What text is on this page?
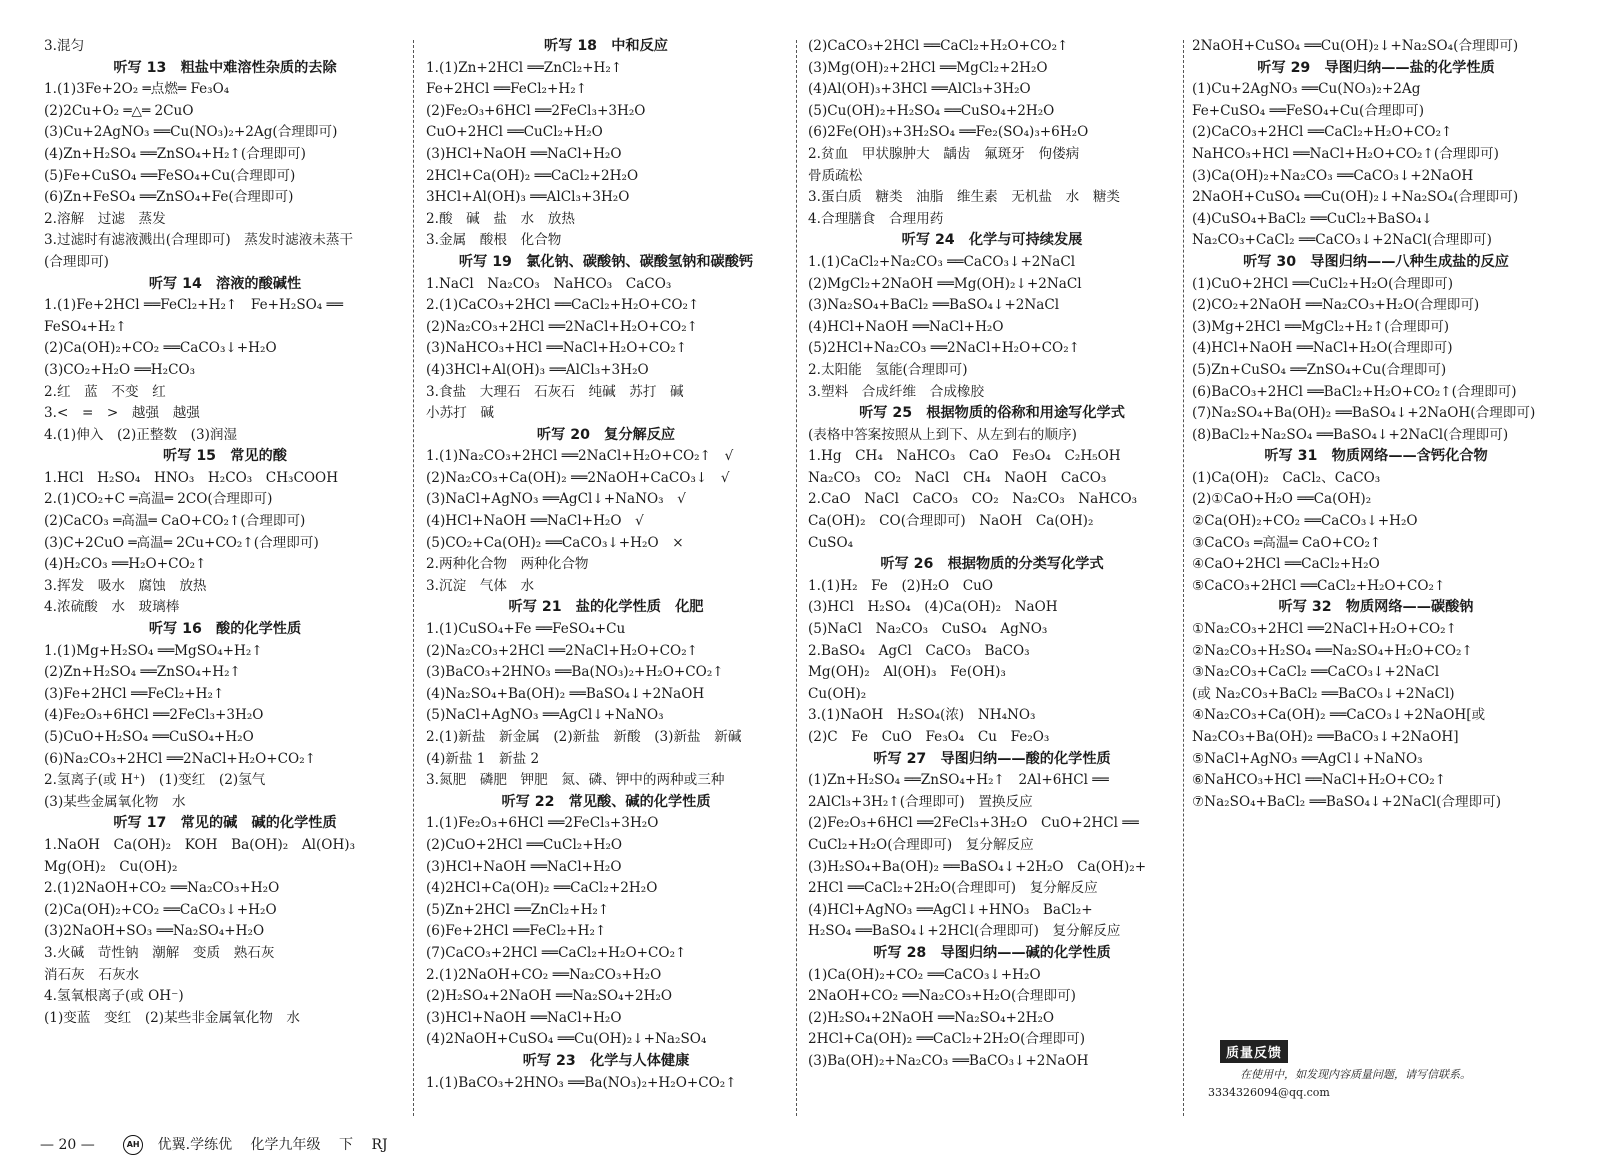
3.混匀
听写 13　粗盐中难溶性杂质的去除
1.(1)3Fe+2O₂ ═点燃═ Fe₃O₄
(2)2Cu+O₂ ═△═ 2CuO
(3)Cu+2AgNO₃ ══Cu(NO₃)₂+2Ag(合理即可)
(4)Zn+H₂SO₄ ══ZnSO₄+H₂↑(合理即可)
(5)Fe+CuSO₄ ══FeSO₄+Cu(合理即可)
(6)Zn+FeSO₄ ══ZnSO₄+Fe(合理即可)
2.溶解　过滤　蒸发
3.过滤时有滤液溅出(合理即可)　蒸发时滤液未蒸干
(合理即可)
听写 14　溶液的酸碱性
1.(1)Fe+2HCl ══FeCl₂+H₂↑　Fe+H₂SO₄ ══
FeSO₄+H₂↑
(2)Ca(OH)₂+CO₂ ══CaCO₃↓+H₂O
(3)CO₂+H₂O ══H₂CO₃
2.红　蓝　不变　红
3.<　=　>　越强　越强
4.(1)伸入　(2)正整数　(3)润湿
听写 15　常见的酸
1.HCl　H₂SO₄　HNO₃　H₂CO₃　CH₃COOH
2.(1)CO₂+C ═高温═ 2CO(合理即可)
(2)CaCO₃ ═高温═ CaO+CO₂↑(合理即可)
(3)C+2CuO ═高温═ 2Cu+CO₂↑(合理即可)
(4)H₂CO₃ ══H₂O+CO₂↑
3.挥发　吸水　腐蚀　放热
4.浓硫酸　水　玻璃棒
听写 16　酸的化学性质
1.(1)Mg+H₂SO₄ ══MgSO₄+H₂↑
(2)Zn+H₂SO₄ ══ZnSO₄+H₂↑
(3)Fe+2HCl ══FeCl₂+H₂↑
(4)Fe₂O₃+6HCl ══2FeCl₃+3H₂O
(5)CuO+H₂SO₄ ══CuSO₄+H₂O
(6)Na₂CO₃+2HCl ══2NaCl+H₂O+CO₂↑
2.氢离子(或 H⁺)　(1)变红　(2)氢气
(3)某些金属氧化物　水
听写 17　常见的碱　碱的化学性质
1.NaOH　Ca(OH)₂　KOH　Ba(OH)₂　Al(OH)₃
Mg(OH)₂　Cu(OH)₂
2.(1)2NaOH+CO₂ ══Na₂CO₃+H₂O
(2)Ca(OH)₂+CO₂ ══CaCO₃↓+H₂O
(3)2NaOH+SO₃ ══Na₂SO₄+H₂O
3.火碱　苛性钠　潮解　变质　熟石灰
消石灰　石灰水
4.氢氧根离子(或 OH⁻)
(1)变蓝　变红　(2)某些非金属氧化物　水
听写 18　中和反应
1.(1)Zn+2HCl ══ZnCl₂+H₂↑
Fe+2HCl ══FeCl₂+H₂↑
(2)Fe₂O₃+6HCl ══2FeCl₃+3H₂O
CuO+2HCl ══CuCl₂+H₂O
(3)HCl+NaOH ══NaCl+H₂O
2HCl+Ca(OH)₂ ══CaCl₂+2H₂O
3HCl+Al(OH)₃ ══AlCl₃+3H₂O
2.酸　碱　盐　水　放热
3.金属　酸根　化合物
听写 19　氯化钠、碳酸钠、碳酸氢钠和碳酸钙
1.NaCl　Na₂CO₃　NaHCO₃　CaCO₃
2.(1)CaCO₃+2HCl ══CaCl₂+H₂O+CO₂↑
(2)Na₂CO₃+2HCl ══2NaCl+H₂O+CO₂↑
(3)NaHCO₃+HCl ══NaCl+H₂O+CO₂↑
(4)3HCl+Al(OH)₃ ══AlCl₃+3H₂O
3.食盐　大理石　石灰石　纯碱　苏打　碱
小苏打　碱
听写 20　复分解反应
1.(1)Na₂CO₃+2HCl ══2NaCl+H₂O+CO₂↑　√
(2)Na₂CO₃+Ca(OH)₂ ══2NaOH+CaCO₃↓　√
(3)NaCl+AgNO₃ ══AgCl↓+NaNO₃　√
(4)HCl+NaOH ══NaCl+H₂O　√
(5)CO₂+Ca(OH)₂ ══CaCO₃↓+H₂O　×
2.两种化合物　两种化合物
3.沉淀　气体　水
听写 21　盐的化学性质　化肥
1.(1)CuSO₄+Fe ══FeSO₄+Cu
(2)Na₂CO₃+2HCl ══2NaCl+H₂O+CO₂↑
(3)BaCO₃+2HNO₃ ══Ba(NO₃)₂+H₂O+CO₂↑
(4)Na₂SO₄+Ba(OH)₂ ══BaSO₄↓+2NaOH
(5)NaCl+AgNO₃ ══AgCl↓+NaNO₃
2.(1)新盐　新金属　(2)新盐　新酸　(3)新盐　新碱
(4)新盐 1　新盐 2
3.氮肥　磷肥　钾肥　氮、磷、钾中的两种或三种
听写 22　常见酸、碱的化学性质
1.(1)Fe₂O₃+6HCl ══2FeCl₃+3H₂O
(2)CuO+2HCl ══CuCl₂+H₂O
(3)HCl+NaOH ══NaCl+H₂O
(4)2HCl+Ca(OH)₂ ══CaCl₂+2H₂O
(5)Zn+2HCl ══ZnCl₂+H₂↑
(6)Fe+2HCl ══FeCl₂+H₂↑
(7)CaCO₃+2HCl ══CaCl₂+H₂O+CO₂↑
2.(1)2NaOH+CO₂ ══Na₂CO₃+H₂O
(2)H₂SO₄+2NaOH ══Na₂SO₄+2H₂O
(3)HCl+NaOH ══NaCl+H₂O
(4)2NaOH+CuSO₄ ══Cu(OH)₂↓+Na₂SO₄
听写 23　化学与人体健康
1.(1)BaCO₃+2HNO₃ ══Ba(NO₃)₂+H₂O+CO₂↑
(2)CaCO₃+2HCl ══CaCl₂+H₂O+CO₂↑
(3)Mg(OH)₂+2HCl ══MgCl₂+2H₂O
(4)Al(OH)₃+3HCl ══AlCl₃+3H₂O
(5)Cu(OH)₂+H₂SO₄ ══CuSO₄+2H₂O
(6)2Fe(OH)₃+3H₂SO₄ ══Fe₂(SO₄)₃+6H₂O
2.贫血　甲状腺肿大　龋齿　氟斑牙　佝偻病
骨质疏松
3.蛋白质　糖类　油脂　维生素　无机盐　水　糖类
4.合理膳食　合理用药
听写 24　化学与可持续发展
1.(1)CaCl₂+Na₂CO₃ ══CaCO₃↓+2NaCl
(2)MgCl₂+2NaOH ══Mg(OH)₂↓+2NaCl
(3)Na₂SO₄+BaCl₂ ══BaSO₄↓+2NaCl
(4)HCl+NaOH ══NaCl+H₂O
(5)2HCl+Na₂CO₃ ══2NaCl+H₂O+CO₂↑
2.太阳能　氢能(合理即可)
3.塑料　合成纤维　合成橡胶
听写 25　根据物质的俗称和用途写化学式
(表格中答案按照从上到下、从左到右的顺序)
1.Hg　CH₄　NaHCO₃　CaO　Fe₃O₄　C₂H₅OH
Na₂CO₃　CO₂　NaCl　CH₄　NaOH　CaCO₃
2.CaO　NaCl　CaCO₃　CO₂　Na₂CO₃　NaHCO₃
Ca(OH)₂　CO(合理即可)　NaOH　Ca(OH)₂
CuSO₄
听写 26　根据物质的分类写化学式
1.(1)H₂　Fe　(2)H₂O　CuO
(3)HCl　H₂SO₄　(4)Ca(OH)₂　NaOH
(5)NaCl　Na₂CO₃　CuSO₄　AgNO₃
2.BaSO₄　AgCl　CaCO₃　BaCO₃
Mg(OH)₂　Al(OH)₃　Fe(OH)₃
Cu(OH)₂
3.(1)NaOH　H₂SO₄(浓)　NH₄NO₃
(2)C　Fe　CuO　Fe₃O₄　Cu　Fe₂O₃
听写 27　导图归纳——酸的化学性质
(1)Zn+H₂SO₄ ══ZnSO₄+H₂↑　2Al+6HCl ══
2AlCl₃+3H₂↑(合理即可)　置换反应
(2)Fe₂O₃+6HCl ══2FeCl₃+3H₂O　CuO+2HCl ══
CuCl₂+H₂O(合理即可)　复分解反应
(3)H₂SO₄+Ba(OH)₂ ══BaSO₄↓+2H₂O　Ca(OH)₂+
2HCl ══CaCl₂+2H₂O(合理即可)　复分解反应
(4)HCl+AgNO₃ ══AgCl↓+HNO₃　BaCl₂+
H₂SO₄ ══BaSO₄↓+2HCl(合理即可)　复分解反应
听写 28　导图归纳——碱的化学性质
(1)Ca(OH)₂+CO₂ ══CaCO₃↓+H₂O
2NaOH+CO₂ ══Na₂CO₃+H₂O(合理即可)
(2)H₂SO₄+2NaOH ══Na₂SO₄+2H₂O
2HCl+Ca(OH)₂ ══CaCl₂+2H₂O(合理即可)
(3)Ba(OH)₂+Na₂CO₃ ══BaCO₃↓+2NaOH
2NaOH+CuSO₄ ══Cu(OH)₂↓+Na₂SO₄(合理即可)
听写 29　导图归纳——盐的化学性质
(1)Cu+2AgNO₃ ══Cu(NO₃)₂+2Ag
Fe+CuSO₄ ══FeSO₄+Cu(合理即可)
(2)CaCO₃+2HCl ══CaCl₂+H₂O+CO₂↑
NaHCO₃+HCl ══NaCl+H₂O+CO₂↑(合理即可)
(3)Ca(OH)₂+Na₂CO₃ ══CaCO₃↓+2NaOH
2NaOH+CuSO₄ ══Cu(OH)₂↓+Na₂SO₄(合理即可)
(4)CuSO₄+BaCl₂ ══CuCl₂+BaSO₄↓
Na₂CO₃+CaCl₂ ══CaCO₃↓+2NaCl(合理即可)
听写 30　导图归纳——八种生成盐的反应
(1)CuO+2HCl ══CuCl₂+H₂O(合理即可)
(2)CO₂+2NaOH ══Na₂CO₃+H₂O(合理即可)
(3)Mg+2HCl ══MgCl₂+H₂↑(合理即可)
(4)HCl+NaOH ══NaCl+H₂O(合理即可)
(5)Zn+CuSO₄ ══ZnSO₄+Cu(合理即可)
(6)BaCO₃+2HCl ══BaCl₂+H₂O+CO₂↑(合理即可)
(7)Na₂SO₄+Ba(OH)₂ ══BaSO₄↓+2NaOH(合理即可)
(8)BaCl₂+Na₂SO₄ ══BaSO₄↓+2NaCl(合理即可)
听写 31　物质网络——含钙化合物
(1)Ca(OH)₂　CaCl₂、CaCO₃
(2)①CaO+H₂O ══Ca(OH)₂
②Ca(OH)₂+CO₂ ══CaCO₃↓+H₂O
③CaCO₃ ═高温═ CaO+CO₂↑
④CaO+2HCl ══CaCl₂+H₂O
⑤CaCO₃+2HCl ══CaCl₂+H₂O+CO₂↑
听写 32　物质网络——碳酸钠
①Na₂CO₃+2HCl ══2NaCl+H₂O+CO₂↑
②Na₂CO₃+H₂SO₄ ══Na₂SO₄+H₂O+CO₂↑
③Na₂CO₃+CaCl₂ ══CaCO₃↓+2NaCl
(或 Na₂CO₃+BaCl₂ ══BaCO₃↓+2NaCl)
④Na₂CO₃+Ca(OH)₂ ══CaCO₃↓+2NaOH[或
Na₂CO₃+Ba(OH)₂ ══BaCO₃↓+2NaOH]
⑤NaCl+AgNO₃ ══AgCl↓+NaNO₃
⑥NaHCO₃+HCl ══NaCl+H₂O+CO₂↑
⑦Na₂SO₄+BaCl₂ ══BaSO₄↓+2NaCl(合理即可)
质量反馈
在使用中，如发现内容质量问题，请写信联系。
3334326094@qq.com
— 20 —	AH 优翼.学练优 化学九年级 下 RJ
